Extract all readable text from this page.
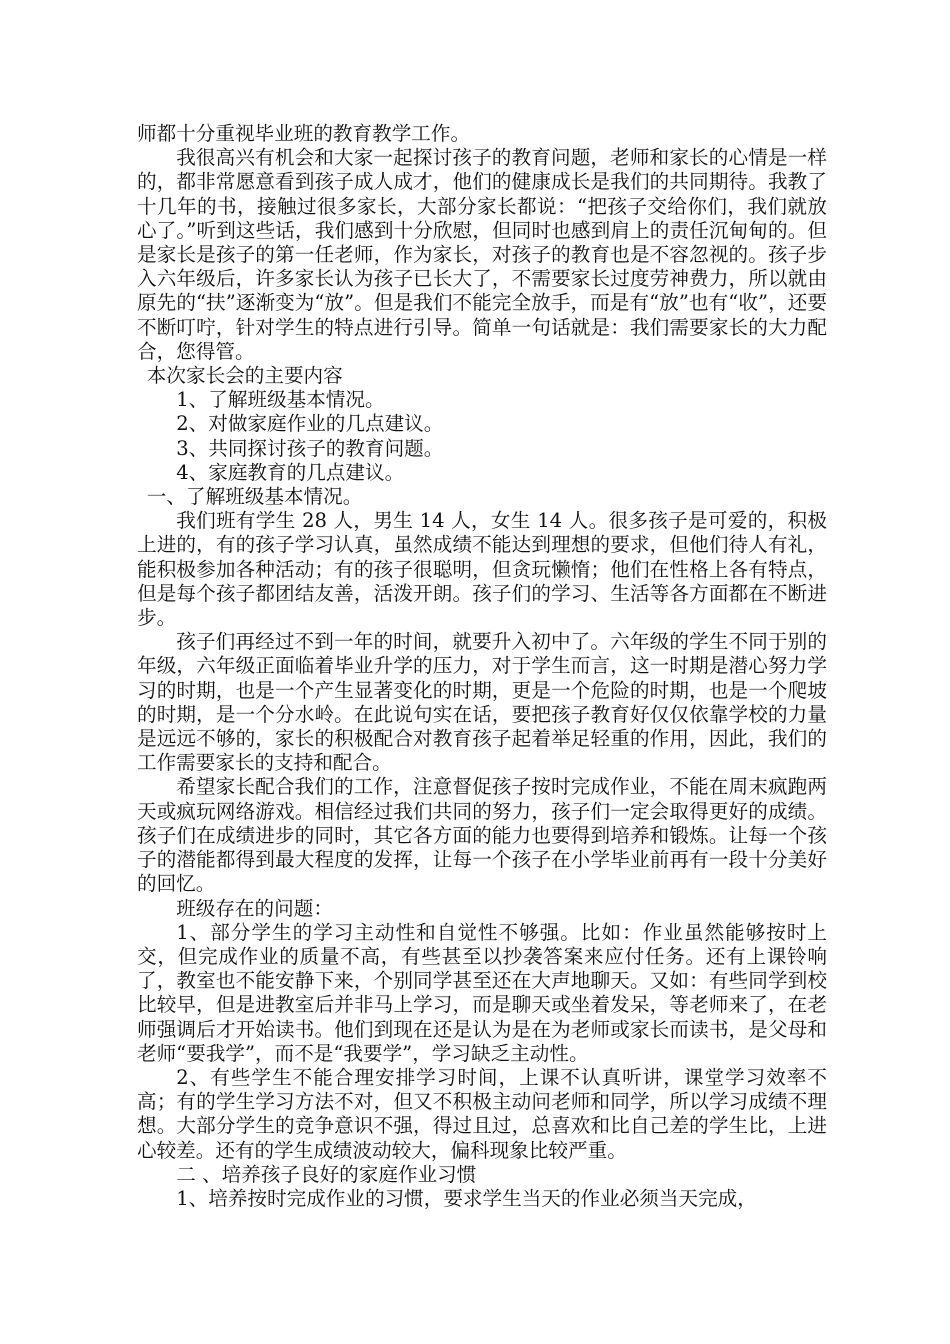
师都十分重视毕业班的教育教学工作。

我很高兴有机会和大家一起探讨孩子的教育问题，老师和家长的心情是一样的，都非常愿意看到孩子成人成才，他们的健康成长是我们的共同期待。我教了十几年的书，接触过很多家长，大部分家长都说：“把孩子交给你们，我们就放心了。”听到这些话，我们感到十分欣慰，但同时也感到肩上的责任沉甸甸的。但是家长是孩子的第一任老师，作为家长，对孩子的教育也是不容忽视的。孩子步入六年级后，许多家长认为孩子已长大了，不需要家长过度劳神费力，所以就由原先的“扶”逐渐变为“放”。但是我们不能完全放手，而是有“放”也有“收”，还要不断叮咛，针对学生的特点进行引导。简单一句话就是：我们需要家长的大力配合，您得管。

本次家长会的主要内容

1、了解班级基本情况。

2、对做家庭作业的几点建议。

3、共同探讨孩子的教育问题。

4、家庭教育的几点建议。

一、了解班级基本情况。

我们班有学生 28 人，男生 14 人，女生 14 人。很多孩子是可爱的，积极上进的，有的孩子学习认真，虽然成绩不能达到理想的要求，但他们待人有礼，能积极参加各种活动；有的孩子很聪明，但贪玩懒惰；他们在性格上各有特点，但是每个孩子都团结友善，活泼开朗。孩子们的学习、生活等各方面都在不断进步。

孩子们再经过不到一年的时间，就要升入初中了。六年级的学生不同于别的年级，六年级正面临着毕业升学的压力，对于学生而言，这一时期是潜心努力学习的时期，也是一个产生显著变化的时期，更是一个危险的时期，也是一个爬坡的时期，是一个分水岭。在此说句实在话，要把孩子教育好仅仅依靠学校的力量是远远不够的，家长的积极配合对教育孩子起着举足轻重的作用，因此，我们的工作需要家长的支持和配合。

希望家长配合我们的工作，注意督促孩子按时完成作业，不能在周末疯跑两天或疯玩网络游戏。相信经过我们共同的努力，孩子们一定会取得更好的成绩。孩子们在成绩进步的同时，其它各方面的能力也要得到培养和锻炼。让每一个孩子的潜能都得到最大程度的发挥，让每一个孩子在小学毕业前再有一段十分美好的回忆。

班级存在的问题：

1、部分学生的学习主动性和自觉性不够强。比如：作业虽然能够按时上交，但完成作业的质量不高，有些甚至以抄袭答案来应付任务。还有上课铃响了，教室也不能安静下来，个别同学甚至还在大声地聊天。又如：有些同学到校比较早，但是进教室后并非马上学习，而是聊天或坐着发呆，等老师来了，在老师强调后才开始读书。他们到现在还是认为是在为老师或家长而读书，是父母和老师“要我学”，而不是“我要学”，学习缺乏主动性。

2、有些学生不能合理安排学习时间，上课不认真听讲，课堂学习效率不高；有的学生学习方法不对，但又不积极主动问老师和同学，所以学习成绩不理想。大部分学生的竞争意识不强，得过且过，总喜欢和比自己差的学生比，上进心较差。还有的学生成绩波动较大，偏科现象比较严重。

二 、培养孩子良好的家庭作业习惯

1、培养按时完成作业的习惯，要求学生当天的作业必须当天完成，
